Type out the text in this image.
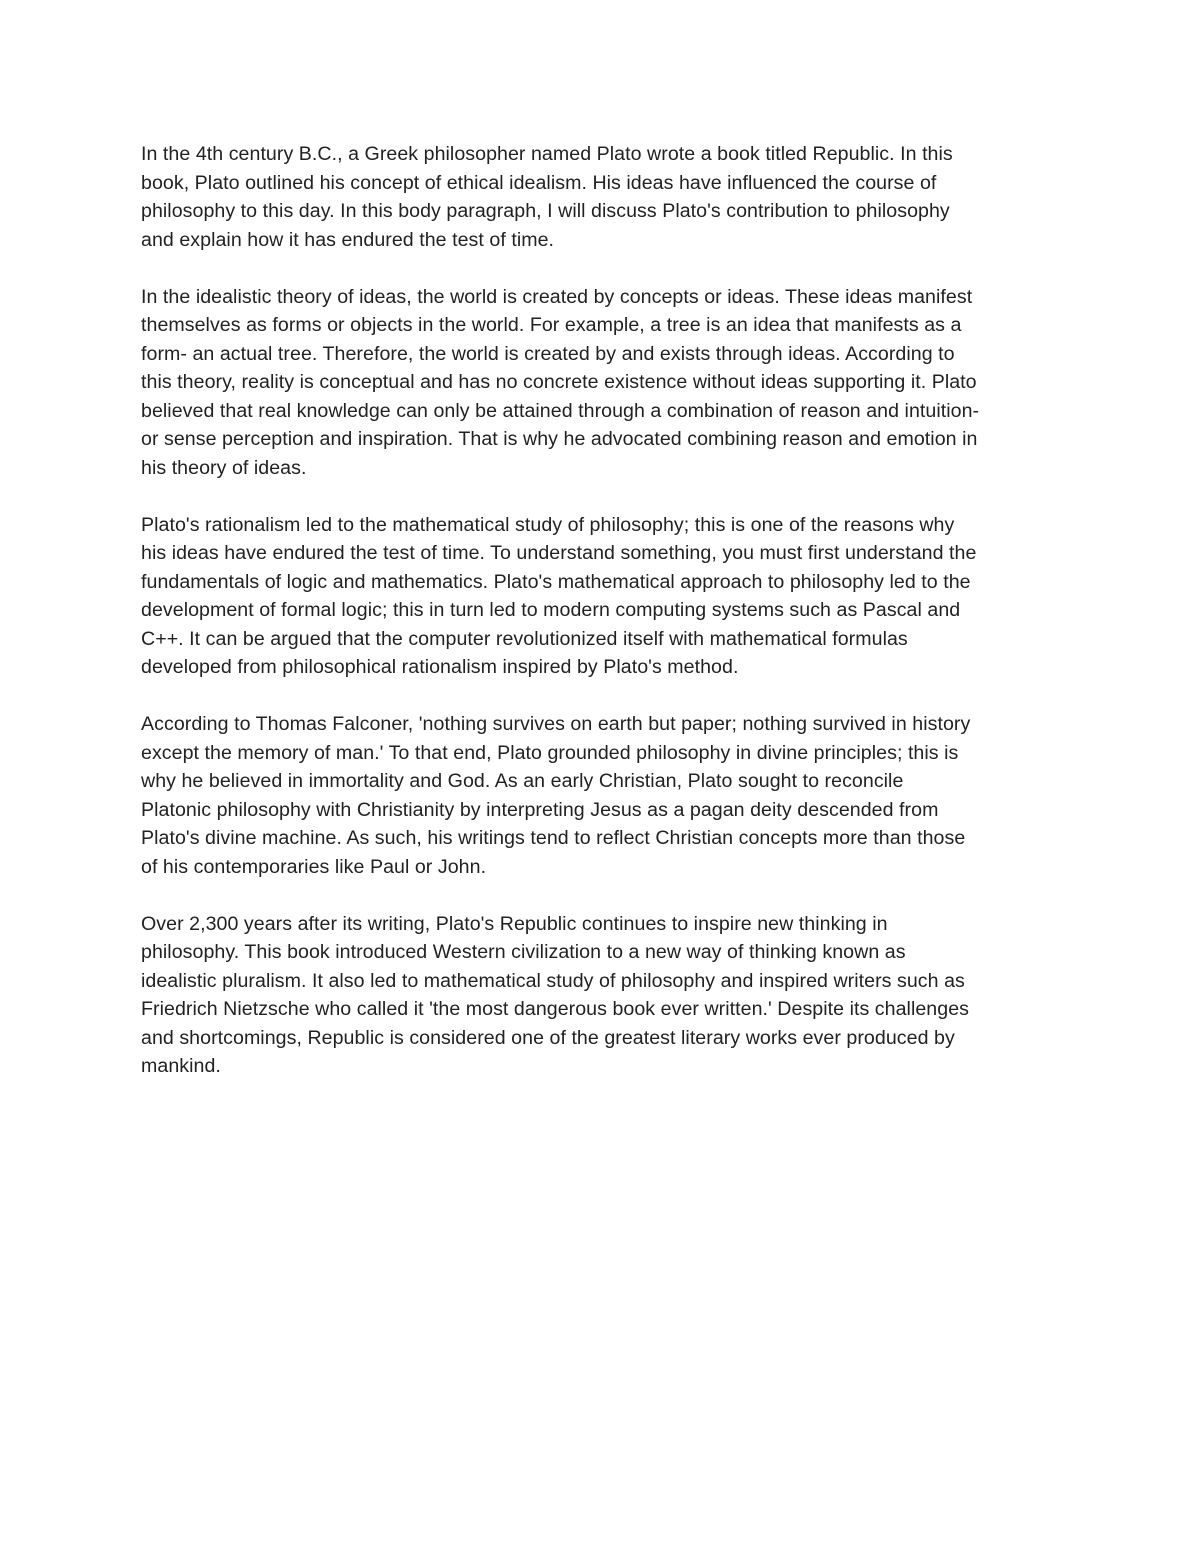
In the 4th century B.C., a Greek philosopher named Plato wrote a book titled Republic. In this
book, Plato outlined his concept of ethical idealism. His ideas have influenced the course of
philosophy to this day. In this body paragraph, I will discuss Plato's contribution to philosophy
and explain how it has endured the test of time.
In the idealistic theory of ideas, the world is created by concepts or ideas. These ideas manifest
themselves as forms or objects in the world. For example, a tree is an idea that manifests as a
form- an actual tree. Therefore, the world is created by and exists through ideas. According to
this theory, reality is conceptual and has no concrete existence without ideas supporting it. Plato
believed that real knowledge can only be attained through a combination of reason and intuition-
or sense perception and inspiration. That is why he advocated combining reason and emotion in
his theory of ideas.
Plato's rationalism led to the mathematical study of philosophy; this is one of the reasons why
his ideas have endured the test of time. To understand something, you must first understand the
fundamentals of logic and mathematics. Plato's mathematical approach to philosophy led to the
development of formal logic; this in turn led to modern computing systems such as Pascal and
C++. It can be argued that the computer revolutionized itself with mathematical formulas
developed from philosophical rationalism inspired by Plato's method.
According to Thomas Falconer, 'nothing survives on earth but paper; nothing survived in history
except the memory of man.' To that end, Plato grounded philosophy in divine principles; this is
why he believed in immortality and God. As an early Christian, Plato sought to reconcile
Platonic philosophy with Christianity by interpreting Jesus as a pagan deity descended from
Plato's divine machine. As such, his writings tend to reflect Christian concepts more than those
of his contemporaries like Paul or John.
Over 2,300 years after its writing, Plato's Republic continues to inspire new thinking in
philosophy. This book introduced Western civilization to a new way of thinking known as
idealistic pluralism. It also led to mathematical study of philosophy and inspired writers such as
Friedrich Nietzsche who called it 'the most dangerous book ever written.' Despite its challenges
and shortcomings, Republic is considered one of the greatest literary works ever produced by
mankind.
